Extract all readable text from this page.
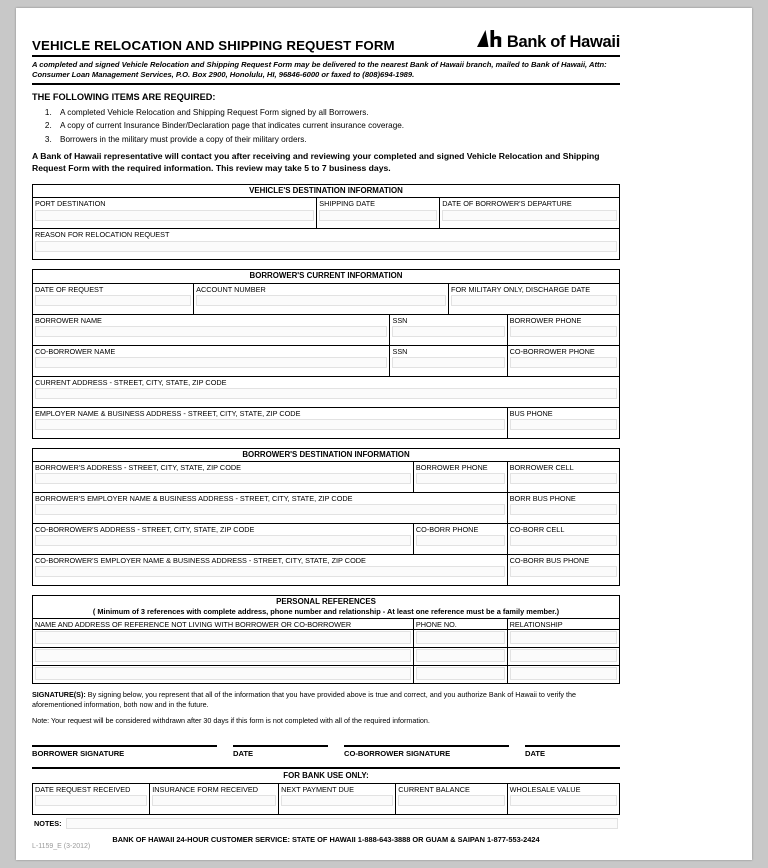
VEHICLE RELOCATION AND SHIPPING REQUEST FORM	Bank of Hawaii
A completed and signed Vehicle Relocation and Shipping Request Form may be delivered to the nearest Bank of Hawaii branch, mailed to Bank of Hawaii, Attn: Consumer Loan Management Services, P.O. Box 2900, Honolulu, HI, 96846-6000 or faxed to (808)694-1989.
THE FOLLOWING ITEMS ARE REQUIRED:
1. A completed Vehicle Relocation and Shipping Request Form signed by all Borrowers.
2. A copy of current Insurance Binder/Declaration page that indicates current insurance coverage.
3. Borrowers in the military must provide a copy of their military orders.
A Bank of Hawaii representative will contact you after receiving and reviewing your completed and signed Vehicle Relocation and Shipping Request Form with the required information. This review may take 5 to 7 business days.
VEHICLE'S DESTINATION INFORMATION
PORT DESTINATION	SHIPPING DATE	DATE OF BORROWER'S DEPARTURE
REASON FOR RELOCATION REQUEST
BORROWER'S CURRENT INFORMATION
DATE OF REQUEST	ACCOUNT NUMBER	FOR MILITARY ONLY, DISCHARGE DATE
BORROWER NAME	SSN	BORROWER PHONE
CO-BORROWER NAME	SSN	CO-BORROWER PHONE
CURRENT ADDRESS - STREET, CITY, STATE, ZIP CODE
EMPLOYER NAME & BUSINESS ADDRESS - STREET, CITY, STATE, ZIP CODE	BUS PHONE
BORROWER'S DESTINATION INFORMATION
BORROWER'S ADDRESS - STREET, CITY, STATE, ZIP CODE	BORROWER PHONE	BORROWER CELL
BORROWER'S EMPLOYER NAME & BUSINESS ADDRESS - STREET, CITY, STATE, ZIP CODE	BORR BUS PHONE
CO-BORROWER'S ADDRESS - STREET, CITY, STATE, ZIP CODE	CO-BORR PHONE	CO-BORR CELL
CO-BORROWER'S EMPLOYER NAME & BUSINESS ADDRESS - STREET, CITY, STATE, ZIP CODE	CO-BORR BUS PHONE
PERSONAL REFERENCES
( Minimum of 3 references with complete address, phone number and relationship - At least one reference must be a family member.)
NAME AND ADDRESS OF REFERENCE NOT LIVING WITH BORROWER OR CO-BORROWER	PHONE NO.	RELATIONSHIP
SIGNATURE(S): By signing below, you represent that all of the information that you have provided above is true and correct, and you authorize Bank of Hawaii to verify the aforementioned information, both now and in the future.
Note: Your request will be considered withdrawn after 30 days if this form is not completed with all of the required information.
BORROWER SIGNATURE	DATE	CO-BORROWER SIGNATURE	DATE
FOR BANK USE ONLY:
DATE REQUEST RECEIVED	INSURANCE FORM RECEIVED	NEXT PAYMENT DUE	CURRENT BALANCE	WHOLESALE VALUE
NOTES:
BANK OF HAWAII 24-HOUR CUSTOMER SERVICE: STATE OF HAWAII 1-888-643-3888 OR GUAM & SAIPAN 1-877-553-2424
L-1159_E (3-2012)
